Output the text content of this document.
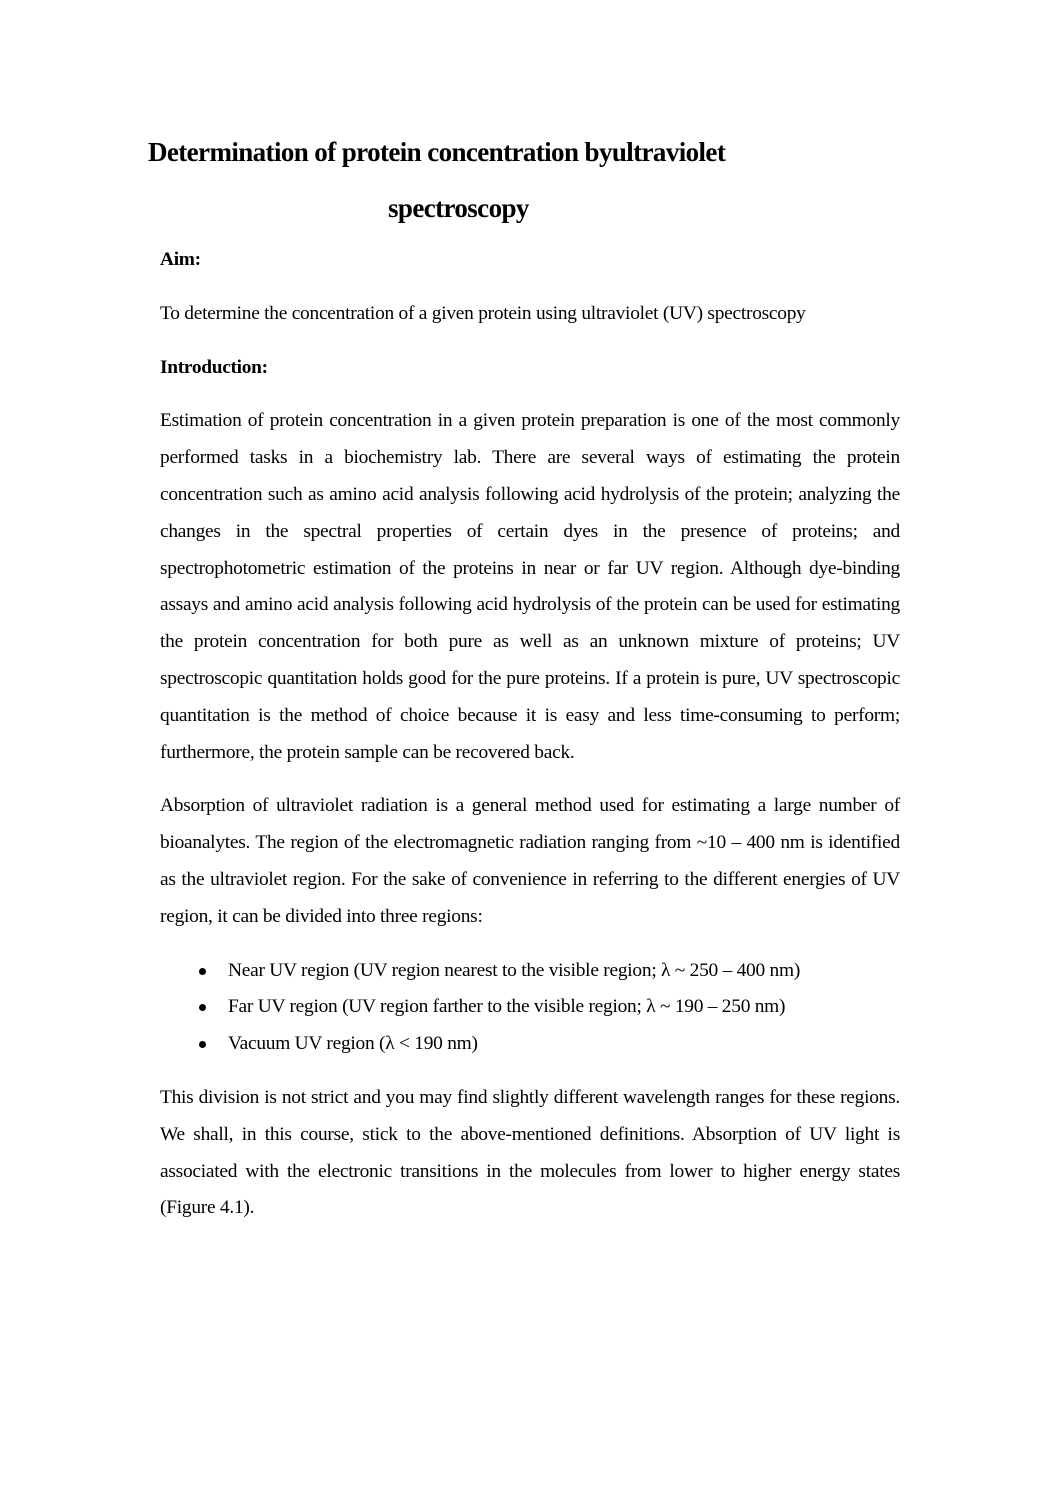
Determination of protein concentration byultraviolet
spectroscopy
Aim:

To determine the concentration of a given protein using ultraviolet (UV) spectroscopy

Introduction:

Estimation of protein concentration in a given protein preparation is one of the most commonly performed tasks in a biochemistry lab. There are several ways of estimating the protein concentration such as amino acid analysis following acid hydrolysis of the protein; analyzing the changes in the spectral properties of certain dyes in the presence of proteins; and spectrophotometric estimation of the proteins in near or far UV region. Although dye-binding assays and amino acid analysis following acid hydrolysis of the protein can be used for estimating the protein concentration for both pure as well as an unknown mixture of proteins; UV spectroscopic quantitation holds good for the pure proteins. If a protein is pure, UV spectroscopic quantitation is the method of choice because it is easy and less time-consuming to perform; furthermore, the protein sample can be recovered back.

Absorption of ultraviolet radiation is a general method used for estimating a large number of bioanalytes. The region of the electromagnetic radiation ranging from ~10 – 400 nm is identified as the ultraviolet region. For the sake of convenience in referring to the different energies of UV region, it can be divided into three regions:

Near UV region (UV region nearest to the visible region; λ ~ 250 – 400 nm)
Far UV region (UV region farther to the visible region; λ ~ 190 – 250 nm)
Vacuum UV region (λ < 190 nm)

This division is not strict and you may find slightly different wavelength ranges for these regions. We shall, in this course, stick to the above-mentioned definitions. Absorption of UV light is associated with the electronic transitions in the molecules from lower to higher energy states (Figure 4.1).
